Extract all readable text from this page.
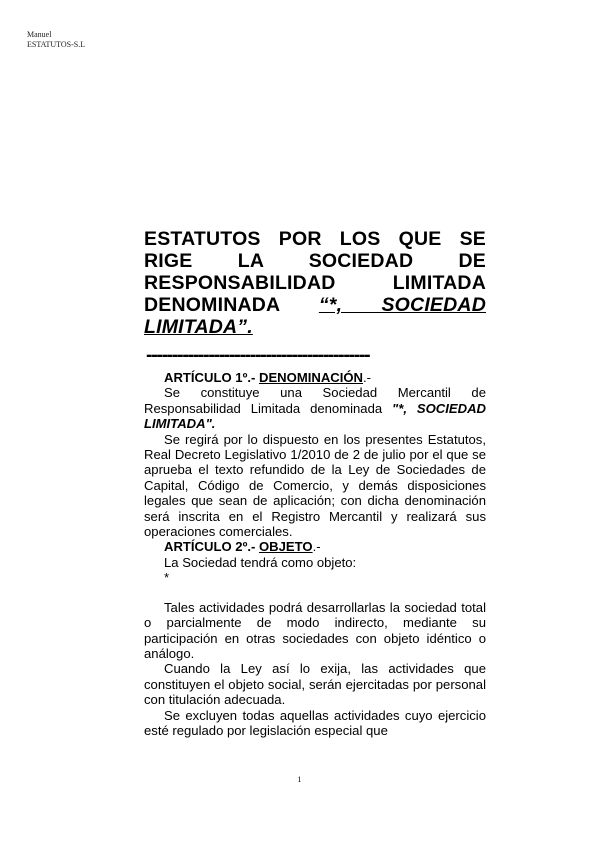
Manuel
ESTATUTOS-S.L
ESTATUTOS POR LOS QUE SE RIGE LA SOCIEDAD DE RESPONSABILIDAD LIMITADA DENOMINADA “*, SOCIEDAD LIMITADA”.
-------------------------------------------
ARTÍCULO 1º.- DENOMINACIÓN.-

Se constituye una Sociedad Mercantil de Responsabilidad Limitada denominada "*, SOCIEDAD LIMITADA".

Se regirá por lo dispuesto en los presentes Estatutos, Real Decreto Legislativo 1/2010 de 2 de julio por el que se aprueba el texto refundido de la Ley de Sociedades de Capital, Código de Comercio, y demás disposiciones legales que sean de aplicación; con dicha denominación será inscrita en el Registro Mercantil y realizará sus operaciones comerciales.

ARTÍCULO 2º.- OBJETO.-
La Sociedad tendrá como objeto:
*

Tales actividades podrá desarrollarlas la sociedad total o parcialmente de modo indirecto, mediante su participación en otras sociedades con objeto idéntico o análogo.

Cuando la Ley así lo exija, las actividades que constituyen el objeto social, serán ejercitadas por personal con titulación adecuada.

Se excluyen todas aquellas actividades cuyo ejercicio esté regulado por legislación especial que

1
